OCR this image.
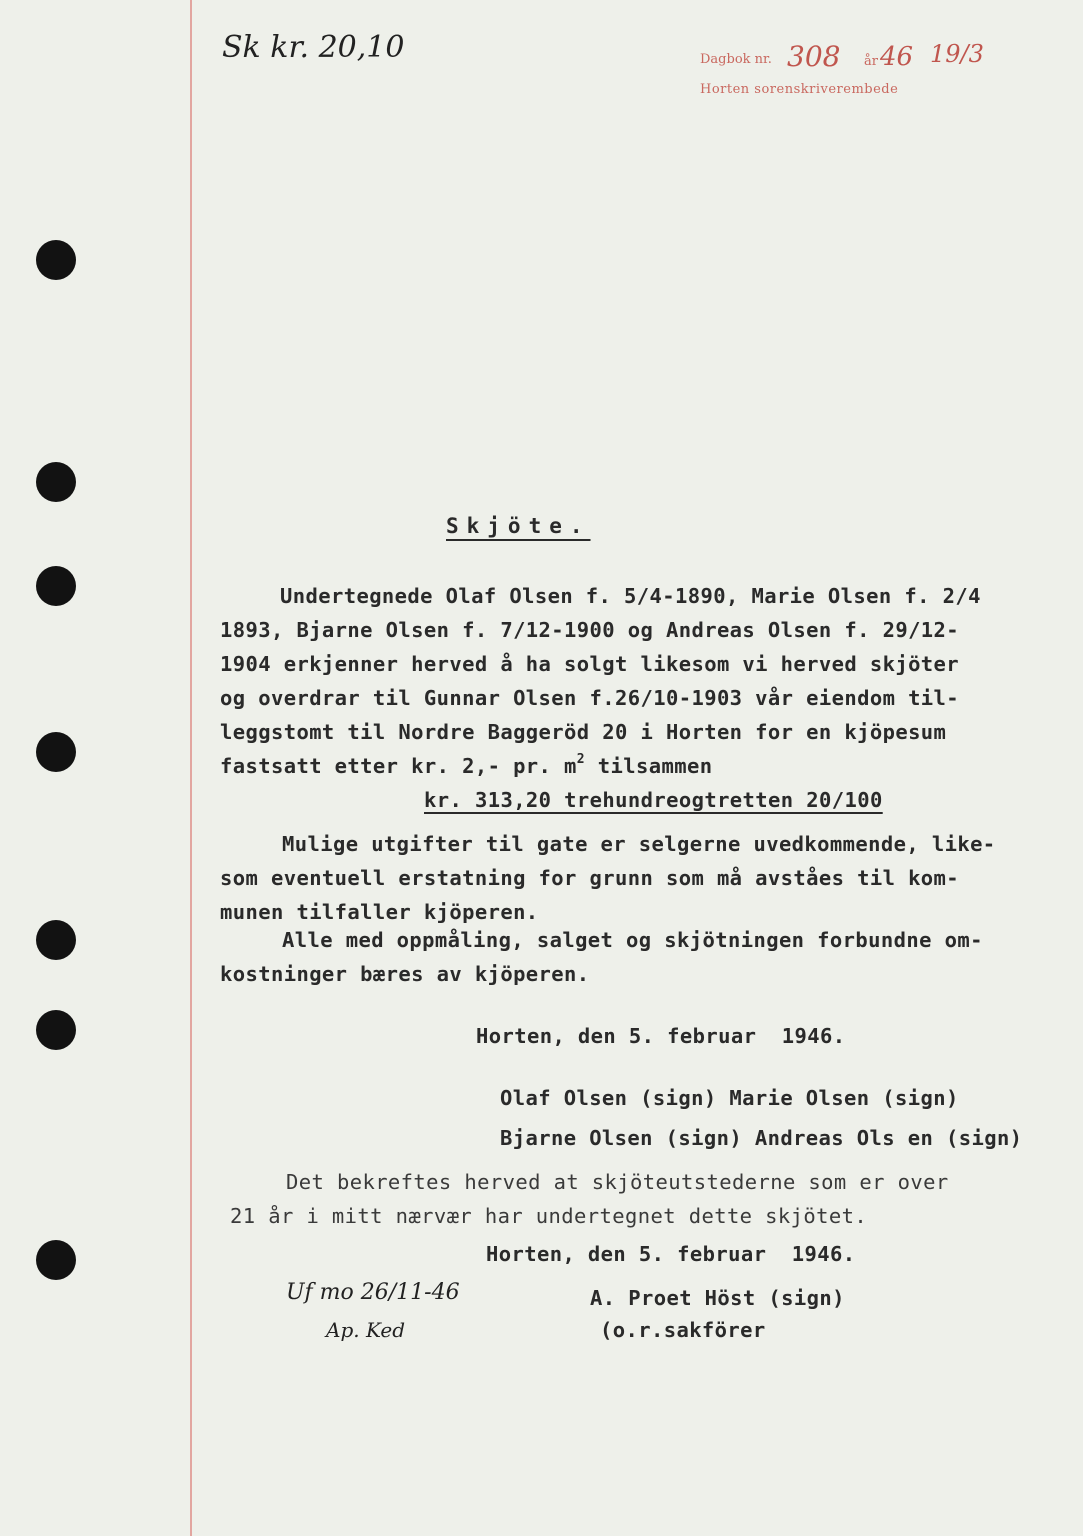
Dagbok nr. 308 år 46 19/3
Horten sorenskriverembede
Sk kr. 20,10
Skjöte.
Undertegnede Olaf Olsen f. 5/4-1890, Marie Olsen f. 2/4
1893, Bjarne Olsen f. 7/12-1900 og Andreas Olsen f. 29/12-
1904 erkjenner herved å ha solgt likesom vi herved skjöter
og overdrar til Gunnar Olsen f.26/10-1903 vår eiendom til-
leggstomt til Nordre Baggeröd 20 i Horten for en kjöpesum
fastsatt etter kr. 2,- pr. $m^2$ tilsammen
kr. 313,20 trehundreogtretten 20/100
Mulige utgifter til gate er selgerne uvedkommende, like-
som eventuell erstatning for grunn som må avståes til kom-
munen tilfaller kjöperen.
Alle med oppmåling, salget og skjötningen forbundne om-
kostninger bæres av kjöperen.
Horten, den 5. februar  1946.
Olaf Olsen (sign) Marie Olsen (sign)
Bjarne Olsen (sign) Andreas Ols en (sign)
Det bekreftes herved at skjöteutstederne som er over
21 år i mitt nærvær har undertegnet dette skjötet.
Horten, den 5. februar  1946.
A. Proet Höst (sign)
(o.r.sakförer
Uf mo 26/11-46
Ap. Ked
